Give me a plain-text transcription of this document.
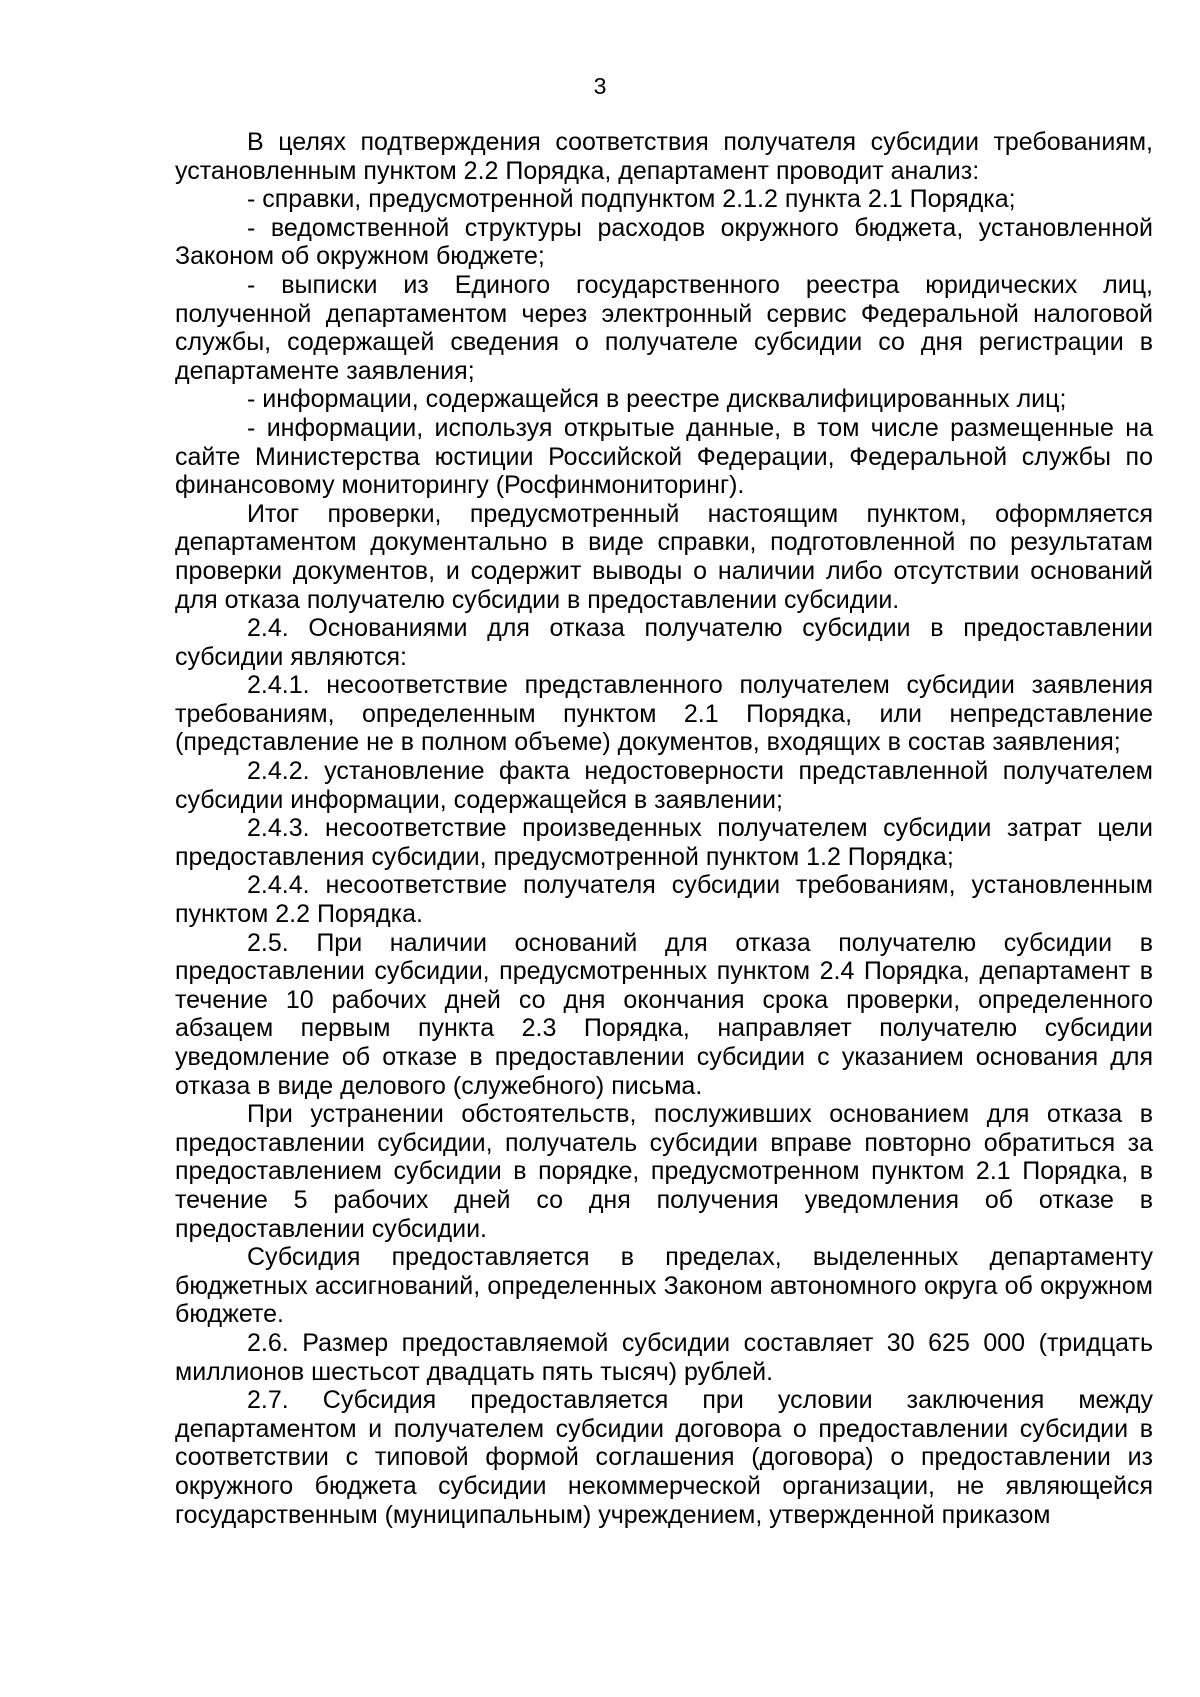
3

В целях подтверждения соответствия получателя субсидии требованиям, установленным пунктом 2.2 Порядка, департамент проводит анализ:

- справки, предусмотренной подпунктом 2.1.2 пункта 2.1 Порядка;

- ведомственной структуры расходов окружного бюджета, установленной Законом об окружном бюджете;

- выписки из Единого государственного реестра юридических лиц, полученной департаментом через электронный сервис Федеральной налоговой службы, содержащей сведения о получателе субсидии со дня регистрации в департаменте заявления;

- информации, содержащейся в реестре дисквалифицированных лиц;

- информации, используя открытые данные, в том числе размещенные на сайте Министерства юстиции Российской Федерации, Федеральной службы по финансовому мониторингу (Росфинмониторинг).

Итог проверки, предусмотренный настоящим пунктом, оформляется департаментом документально в виде справки, подготовленной по результатам проверки документов, и содержит выводы о наличии либо отсутствии оснований для отказа получателю субсидии в предоставлении субсидии.

2.4. Основаниями для отказа получателю субсидии в предоставлении субсидии являются:

2.4.1. несоответствие представленного получателем субсидии заявления требованиям, определенным пунктом 2.1 Порядка, или непредставление (представление не в полном объеме) документов, входящих в состав заявления;

2.4.2. установление факта недостоверности представленной получателем субсидии информации, содержащейся в заявлении;

2.4.3. несоответствие произведенных получателем субсидии затрат цели предоставления субсидии, предусмотренной пунктом 1.2 Порядка;

2.4.4. несоответствие получателя субсидии требованиям, установленным пунктом 2.2 Порядка.

2.5. При наличии оснований для отказа получателю субсидии в предоставлении субсидии, предусмотренных пунктом 2.4 Порядка, департамент в течение 10 рабочих дней со дня окончания срока проверки, определенного абзацем первым пункта 2.3 Порядка, направляет получателю субсидии уведомление об отказе в предоставлении субсидии с указанием основания для отказа в виде делового (служебного) письма.

При устранении обстоятельств, послуживших основанием для отказа в предоставлении субсидии, получатель субсидии вправе повторно обратиться за предоставлением субсидии в порядке, предусмотренном пунктом 2.1 Порядка, в течение 5 рабочих дней со дня получения уведомления об отказе в предоставлении субсидии.

Субсидия предоставляется в пределах, выделенных департаменту бюджетных ассигнований, определенных Законом автономного округа об окружном бюджете.

2.6. Размер предоставляемой субсидии составляет 30 625 000 (тридцать миллионов шестьсот двадцать пять тысяч) рублей.

2.7. Субсидия предоставляется при условии заключения между департаментом и получателем субсидии договора о предоставлении субсидии в соответствии с типовой формой соглашения (договора) о предоставлении из окружного бюджета субсидии некоммерческой организации, не являющейся государственным (муниципальным) учреждением, утвержденной приказом
